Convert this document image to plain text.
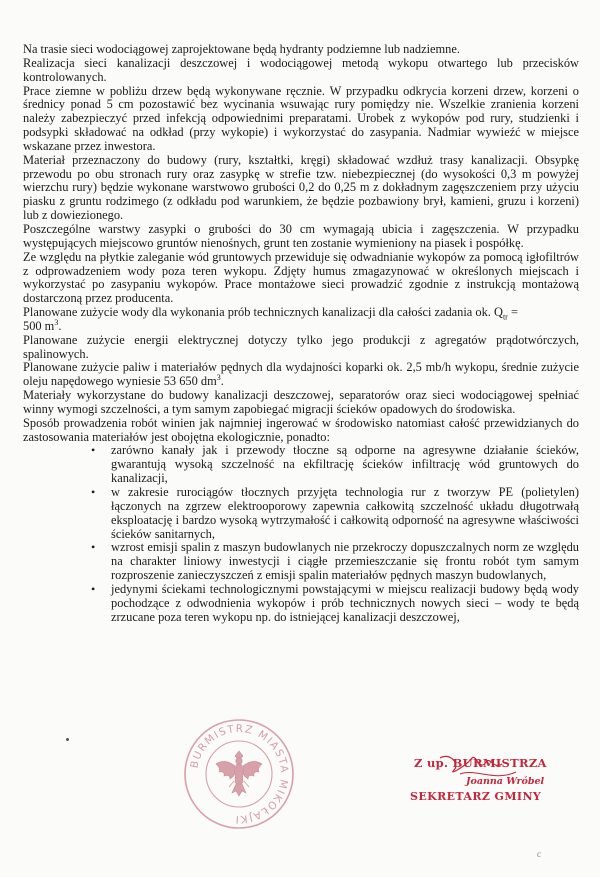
Na trasie sieci wodociągowej zaprojektowane będą hydranty podziemne lub nadziemne.

Realizacja sieci kanalizacji deszczowej i wodociągowej metodą wykopu otwartego lub przecisków kontrolowanych.

Prace ziemne w pobliżu drzew będą wykonywane ręcznie. W przypadku odkrycia korzeni drzew, korzeni o średnicy ponad 5 cm pozostawić bez wycinania wsuwając rury pomiędzy nie. Wszelkie zranienia korzeni należy zabezpieczyć przed infekcją odpowiednimi preparatami. Urobek z wykopów pod rury, studzienki i podsypki składować na odkład (przy wykopie) i wykorzystać do zasypania. Nadmiar wywieźć w miejsce wskazane przez inwestora.

Materiał przeznaczony do budowy (rury, kształtki, kręgi) składować wzdłuż trasy kanalizacji. Obsypkę przewodu po obu stronach rury oraz zasypkę w strefie tzw. niebezpiecznej (do wysokości 0,3 m powyżej wierzchu rury) będzie wykonane warstwowo grubości 0,2 do 0,25 m z dokładnym zagęszczeniem przy użyciu piasku z gruntu rodzimego (z odkładu pod warunkiem, że będzie pozbawiony brył, kamieni, gruzu i korzeni) lub z dowiezionego.

Poszczególne warstwy zasypki o grubości do 30 cm wymagają ubicia i zagęszczenia. W przypadku występujących miejscowo gruntów nienośnych, grunt ten zostanie wymieniony na piasek i pospółkę.

Ze względu na płytkie zaleganie wód gruntowych przewiduje się odwadnianie wykopów za pomocą igłofiltrów z odprowadzeniem wody poza teren wykopu. Zdjęty humus zmagazynować w określonych miejscach i wykorzystać po zasypaniu wykopów. Prace montażowe sieci prowadzić zgodnie z instrukcją montażową dostarczoną przez producenta.

Planowane zużycie wody dla wykonania prób technicznych kanalizacji dla całości zadania ok. $Q_{tr}$ =
500 $m^3$.

Planowane zużycie energii elektrycznej dotyczy tylko jego produkcji z agregatów prądotwórczych, spalinowych.

Planowane zużycie paliw i materiałów pędnych dla wydajności koparki ok. 2,5 mb/h wykopu, średnie zużycie oleju napędowego wyniesie 53 650 $dm^3$.

Materiały wykorzystane do budowy kanalizacji deszczowej, separatorów oraz sieci wodociągowej spełniać winny wymogi szczelności, a tym samym zapobiegać migracji ścieków opadowych do środowiska.

Sposób prowadzenia robót winien jak najmniej ingerować w środowisko natomiast całość przewidzianych do zastosowania materiałów jest obojętna ekologicznie, ponadto:

• zarówno kanały jak i przewody tłoczne są odporne na agresywne działanie ścieków, gwarantują wysoką szczelność na ekfiltrację ścieków infiltrację wód gruntowych do kanalizacji,
• w zakresie rurociągów tłocznych przyjęta technologia rur z tworzyw PE (polietylen) łączonych na zgrzew elektrooporowy zapewnia całkowitą szczelność układu długotrwałą eksploatację i bardzo wysoką wytrzymałość i całkowitą odporność na agresywne właściwości ścieków sanitarnych,
• wzrost emisji spalin z maszyn budowlanych nie przekroczy dopuszczalnych norm ze względu na charakter liniowy inwestycji i ciągłe przemieszczanie się frontu robót tym samym rozproszenie zanieczyszczeń z emisji spalin materiałów pędnych maszyn budowlanych,
• jedynymi ściekami technologicznymi powstającymi w miejscu realizacji budowy będą wody pochodzące z odwodnienia wykopów i prób technicznych nowych sieci – wody te będą zrzucane poza teren wykopu np. do istniejącej kanalizacji deszczowej,
BURMISTRZ MIASTA MIKOŁAJKI
Z up. BURMISTRZA
Joanna Wróbel
SEKRETARZ GMINY
c
